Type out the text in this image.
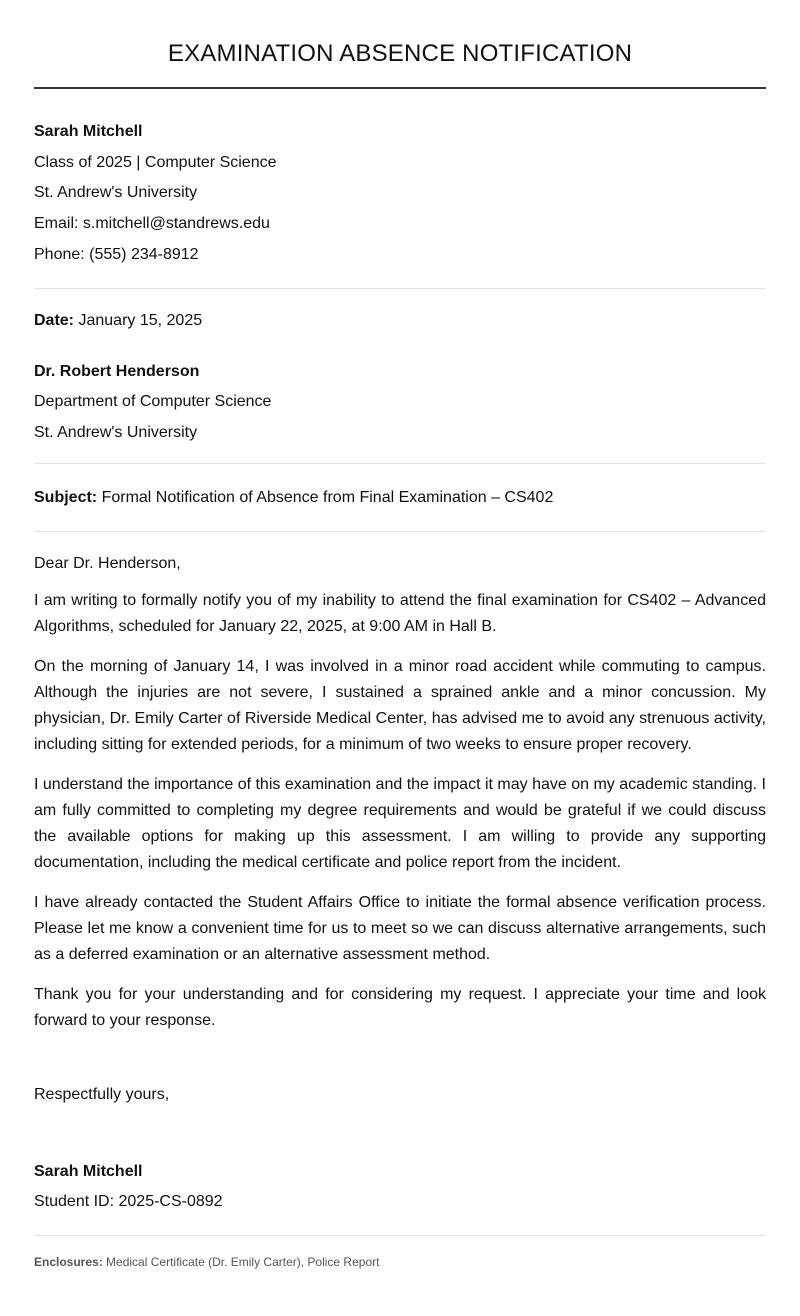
EXAMINATION ABSENCE NOTIFICATION
Sarah Mitchell
Class of 2025 | Computer Science
St. Andrew's University
Email: s.mitchell@standrews.edu
Phone: (555) 234-8912
Date: January 15, 2025
Dr. Robert Henderson
Department of Computer Science
St. Andrew's University
Subject: Formal Notification of Absence from Final Examination – CS402
Dear Dr. Henderson,

I am writing to formally notify you of my inability to attend the final examination for CS402 – Advanced Algorithms, scheduled for January 22, 2025, at 9:00 AM in Hall B.

On the morning of January 14, I was involved in a minor road accident while commuting to campus. Although the injuries are not severe, I sustained a sprained ankle and a minor concussion. My physician, Dr. Emily Carter of Riverside Medical Center, has advised me to avoid any strenuous activity, including sitting for extended periods, for a minimum of two weeks to ensure proper recovery.

I understand the importance of this examination and the impact it may have on my academic standing. I am fully committed to completing my degree requirements and would be grateful if we could discuss the available options for making up this assessment. I am willing to provide any supporting documentation, including the medical certificate and police report from the incident.

I have already contacted the Student Affairs Office to initiate the formal absence verification process. Please let me know a convenient time for us to meet so we can discuss alternative arrangements, such as a deferred examination or an alternative assessment method.

Thank you for your understanding and for considering my request. I appreciate your time and look forward to your response.

Respectfully yours,
Sarah Mitchell
Student ID: 2025-CS-0892
Enclosures: Medical Certificate (Dr. Emily Carter), Police Report
